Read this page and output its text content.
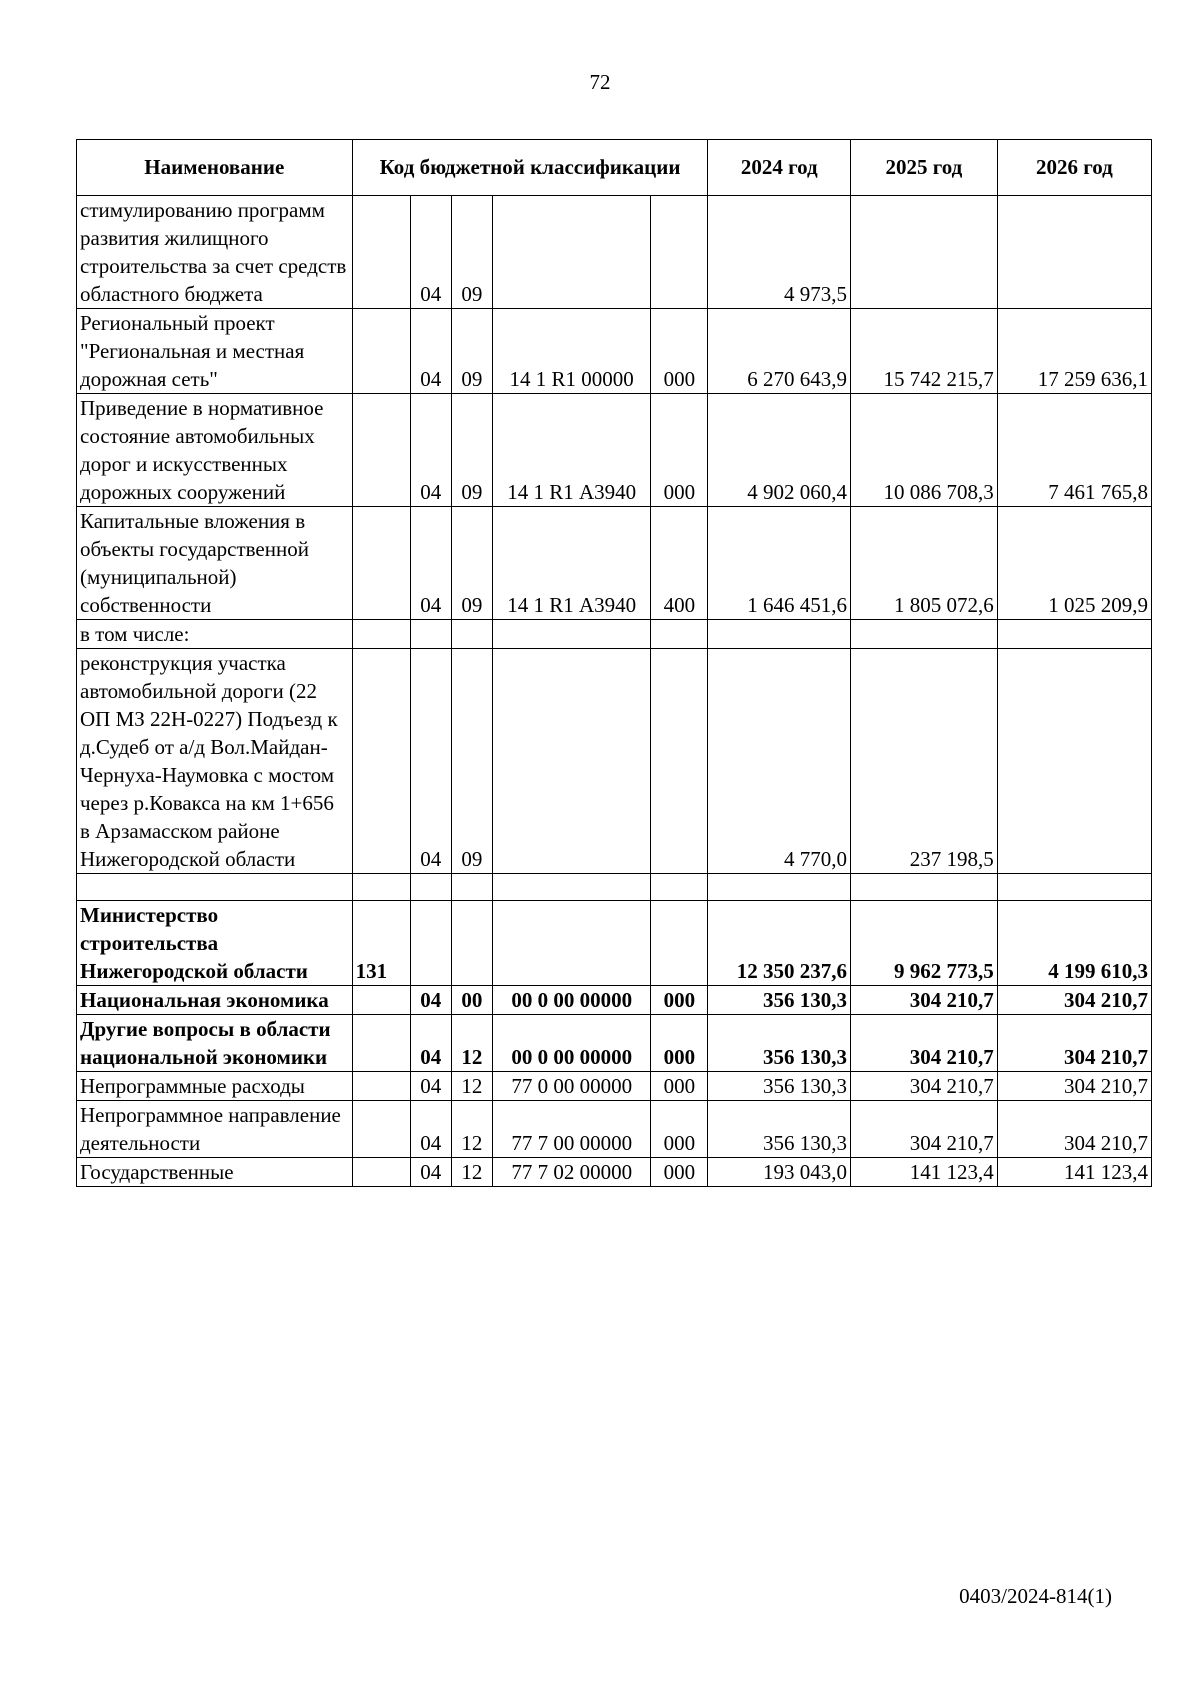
72
Наименование	Код бюджетной классификации					2024 год	2025 год	2026 год
стимулированию программ развития жилищного строительства за счет средств областного бюджета		04	09			4 973,5		
Региональный проект "Региональная и местная дорожная сеть"		04	09	14 1 R1 00000	000	6 270 643,9	15 742 215,7	17 259 636,1
Приведение в нормативное состояние автомобильных дорог и искусственных дорожных сооружений		04	09	14 1 R1 А3940	000	4 902 060,4	10 086 708,3	7 461 765,8
Капитальные вложения в объекты государственной (муниципальной) собственности		04	09	14 1 R1 А3940	400	1 646 451,6	1 805 072,6	1 025 209,9
в том числе:								
реконструкция участка автомобильной дороги (22 ОП МЗ 22Н-0227) Подъезд к д.Судеб от а/д Вол.Майдан-Чернуха-Наумовка с мостом через р.Ковакса на км 1+656 в Арзамасском районе Нижегородской области		04	09			4 770,0	237 198,5	

Министерство строительства Нижегородской области	131					12 350 237,6	9 962 773,5	4 199 610,3
Национальная экономика		04	00	00 0 00 00000	000	356 130,3	304 210,7	304 210,7
Другие вопросы в области национальной экономики		04	12	00 0 00 00000	000	356 130,3	304 210,7	304 210,7
Непрограммные расходы		04	12	77 0 00 00000	000	356 130,3	304 210,7	304 210,7
Непрограммное направление деятельности		04	12	77 7 00 00000	000	356 130,3	304 210,7	304 210,7
Государственные		04	12	77 7 02 00000	000	193 043,0	141 123,4	141 123,4
0403/2024-814(1)
